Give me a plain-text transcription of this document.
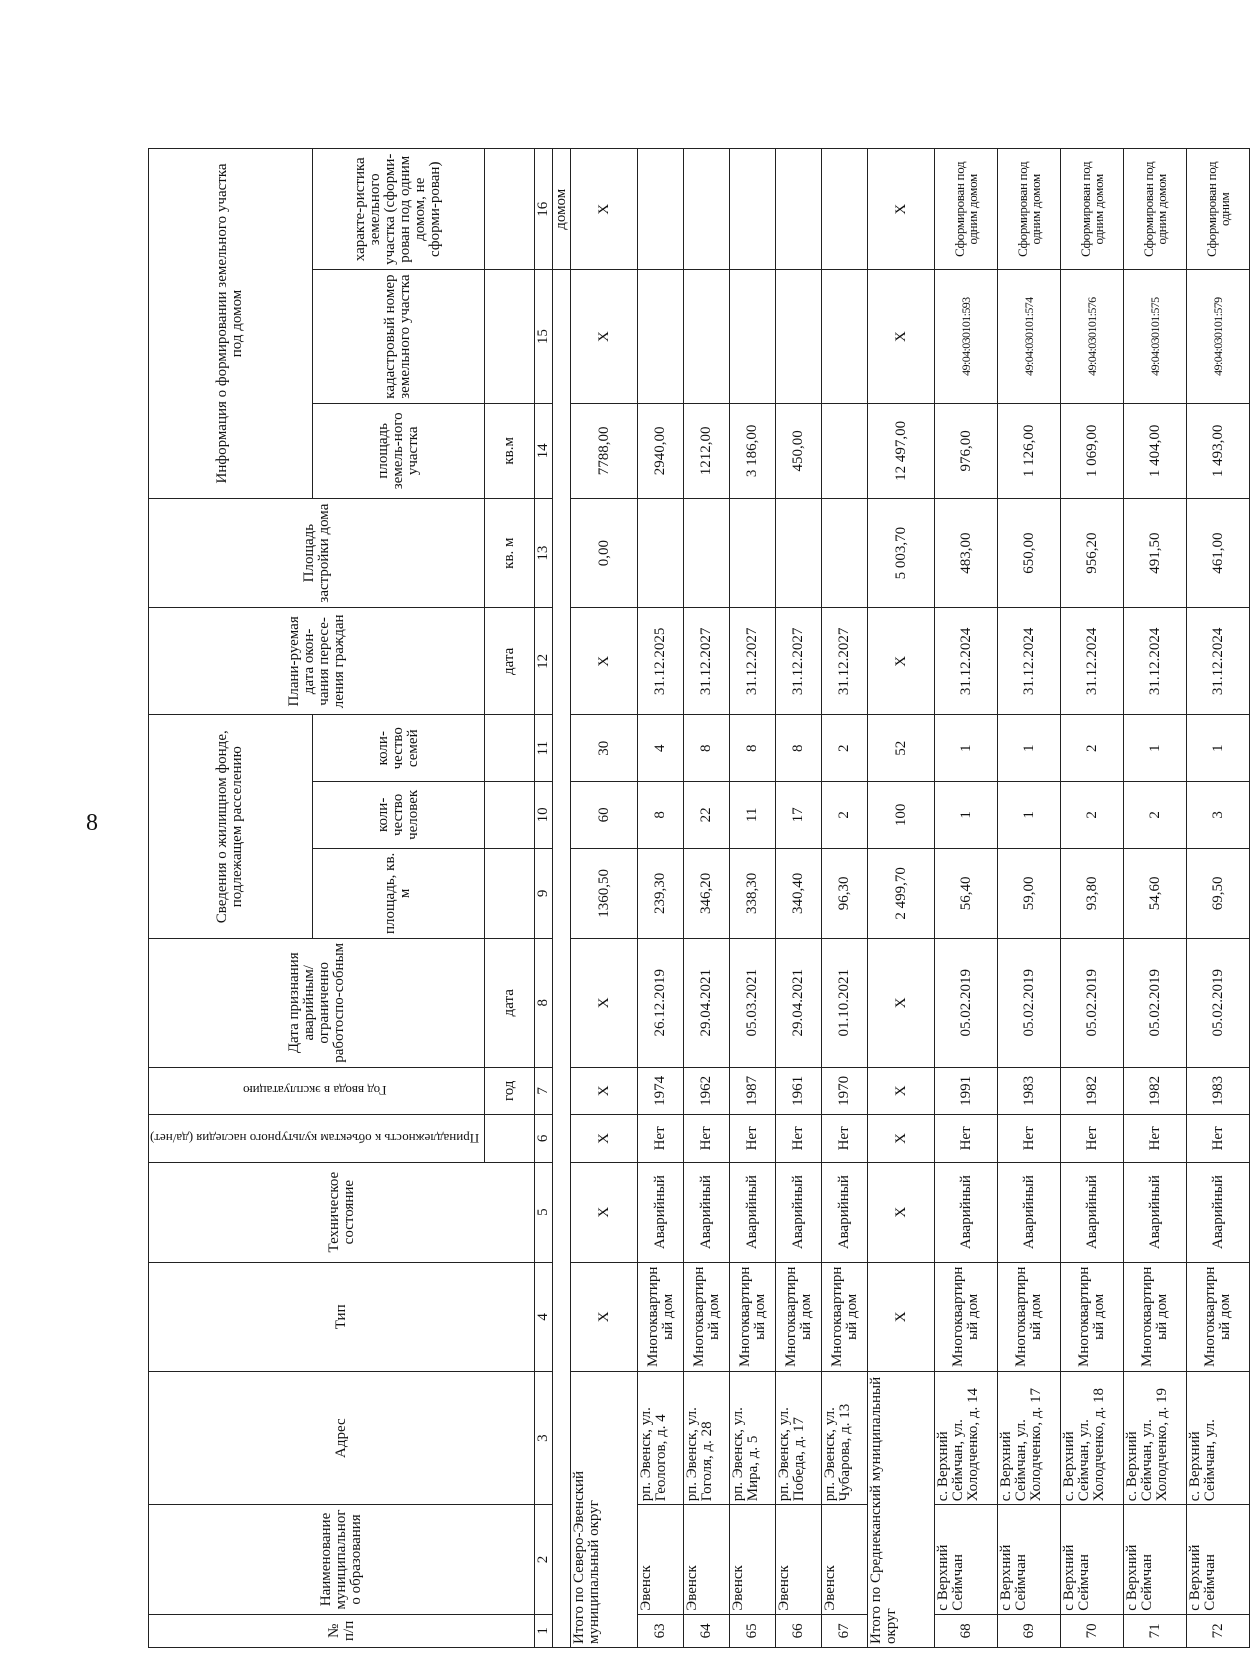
8
№ п/п	Наименование муниципального образования	Адрес	Тип	Техническое состояние	Принадлежность к объектам культурного наследия (да/нет)	Год ввода в эксплуатацию	Дата признания аварийным/ ограниченно работоспо-собным	Сведения о жилищном фонде, подлежащем расселению			Плани-руемая дата окон-чания пересе-ления граждан	Площадь застройки дома	Информация о формировании земельного участка под домом		
								площадь, кв. м	коли-чество человек	коли-чество семей			площадь земель-ного участка	кадастровый номер земельного участка	характе-ристика земельного участка (сформи-рован под одним домом, не сформи-рован)
						год	дата				дата	кв. м	кв.м		
1	2	3	4	5	6	7	8	9	10	11	12	13	14	15	16
															домом
Итого по Северо-Эвенский муниципальный округ			X	X	X	X	X	1360,50	60	30	X	0,00	7788,00	X	X
63	Эвенск	рп. Эвенск, ул. Геологов, д. 4	Многоквартирный дом	Аварийный	Нет	1974	26.12.2019	239,30	8	4	31.12.2025		2940,00		
64	Эвенск	рп. Эвенск, ул. Гоголя, д. 28	Многоквартирный дом	Аварийный	Нет	1962	29.04.2021	346,20	22	8	31.12.2027		1212,00		
65	Эвенск	рп. Эвенск, ул. Мира, д. 5	Многоквартирный дом	Аварийный	Нет	1987	05.03.2021	338,30	11	8	31.12.2027		3 186,00		
66	Эвенск	рп. Эвенск, ул. Победа, д. 17	Многоквартирный дом	Аварийный	Нет	1961	29.04.2021	340,40	17	8	31.12.2027		450,00		
67	Эвенск	рп. Эвенск, ул. Чубарова, д. 13	Многоквартирный дом	Аварийный	Нет	1970	01.10.2021	96,30	2	2	31.12.2027				
Итого по Среднеканский муниципальный округ			X	X	X	X	X	2 499,70	100	52	X	5 003,70	12 497,00	X	X
68	с Верхний Сеймчан	с. Верхний Сеймчан, ул. Холодченко, д. 14	Многоквартирный дом	Аварийный	Нет	1991	05.02.2019	56,40	1	1	31.12.2024	483,00	976,00	49:04:030101:593	Сформирован под одним домом
69	с Верхний Сеймчан	с. Верхний Сеймчан, ул. Холодченко, д. 17	Многоквартирный дом	Аварийный	Нет	1983	05.02.2019	59,00	1	1	31.12.2024	650,00	1 126,00	49:04:030101:574	Сформирован под одним домом
70	с Верхний Сеймчан	с. Верхний Сеймчан, ул. Холодченко, д. 18	Многоквартирный дом	Аварийный	Нет	1982	05.02.2019	93,80	2	2	31.12.2024	956,20	1 069,00	49:04:030101:576	Сформирован под одним домом
71	с Верхний Сеймчан	с. Верхний Сеймчан, ул. Холодченко, д. 19	Многоквартирный дом	Аварийный	Нет	1982	05.02.2019	54,60	2	1	31.12.2024	491,50	1 404,00	49:04:030101:575	Сформирован под одним домом
72	с Верхний Сеймчан	с. Верхний Сеймчан, ул.	Многоквартирный дом	Аварийный	Нет	1983	05.02.2019	69,50	3	1	31.12.2024	461,00	1 493,00	49:04:030101:579	Сформирован под одним
